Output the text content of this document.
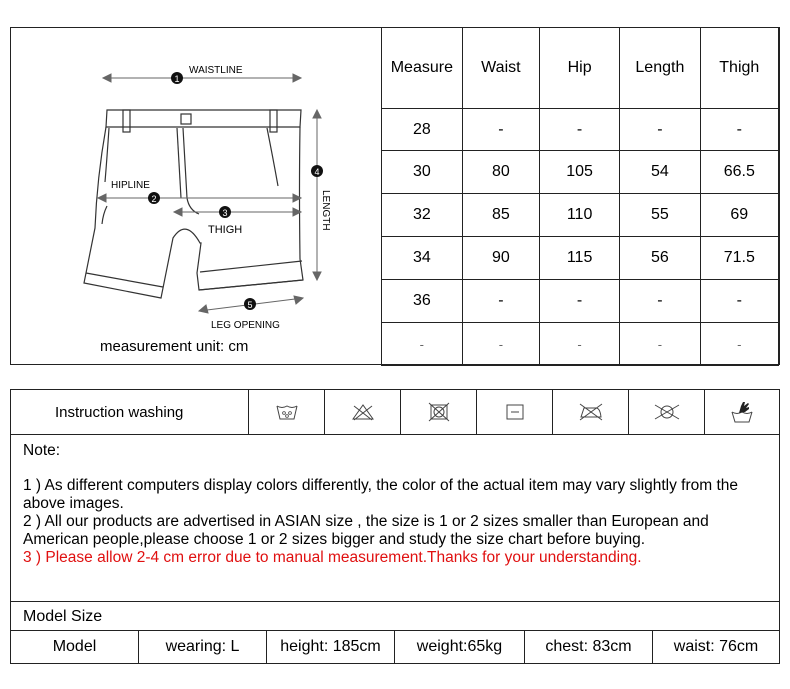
1
WAISTLINE
2
HIPLINE
3
THIGH
4
LENGTH
5
LEG OPENING
measurement unit: cm
Measure	Waist	Hip	Length	Thigh
28	-	-	-	-
30	80	105	54	66.5
32	85	110	55	69
34	90	115	56	71.5
36	-	-	-	-
-	-	-	-	-
Instruction washing
Note:
1 ) As different computers display colors differently, the color of the actual item may vary slightly from the above images.
2 ) All our products are advertised in ASIAN size , the size is 1 or 2 sizes smaller than European and American people,please choose 1 or 2 sizes bigger and study the size chart before buying.
3 ) Please allow 2-4 cm error due to manual measurement.Thanks for your understanding.
Model Size
Model	wearing: L	height: 185cm	weight:65kg	chest: 83cm	waist: 76cm
